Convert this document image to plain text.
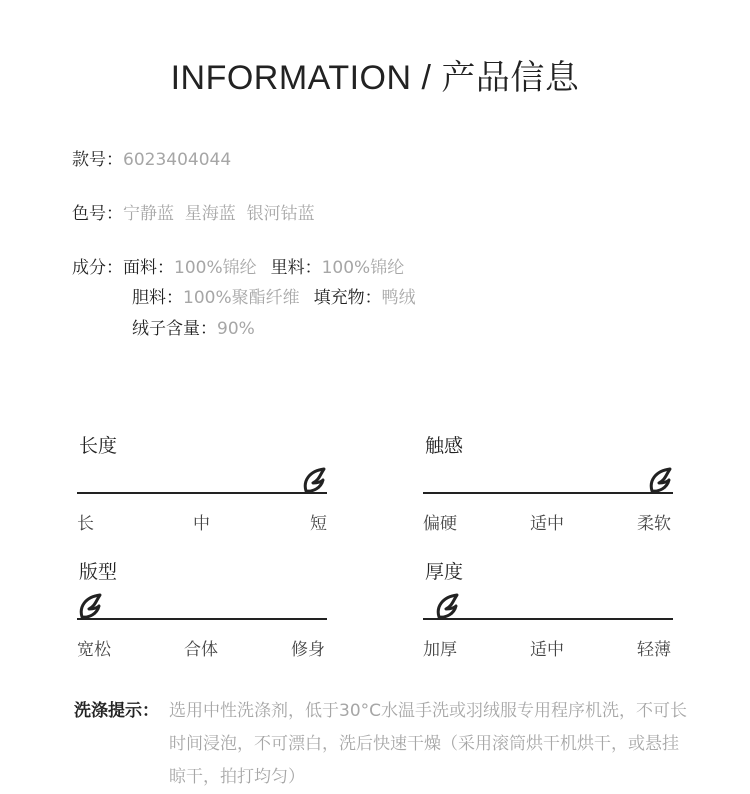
INFORMATION / 产品信息
款号：6023404044
色号：宁静蓝  星海蓝  银河钴蓝
成分：面料：100%锦纶 里料：100%锦纶
胆料：100%聚酯纤维 填充物：鸭绒
绒子含量：90%
长度
长	中	短
触感
偏硬	适中	柔软
版型
宽松	合体	修身
厚度
加厚	适中	轻薄
洗涤提示： 选用中性洗涤剂，低于30°C水温手洗或羽绒服专用程序机洗，不可长时间浸泡，不可漂白，洗后快速干燥（采用滚筒烘干机烘干，或悬挂晾干，拍打均匀）
